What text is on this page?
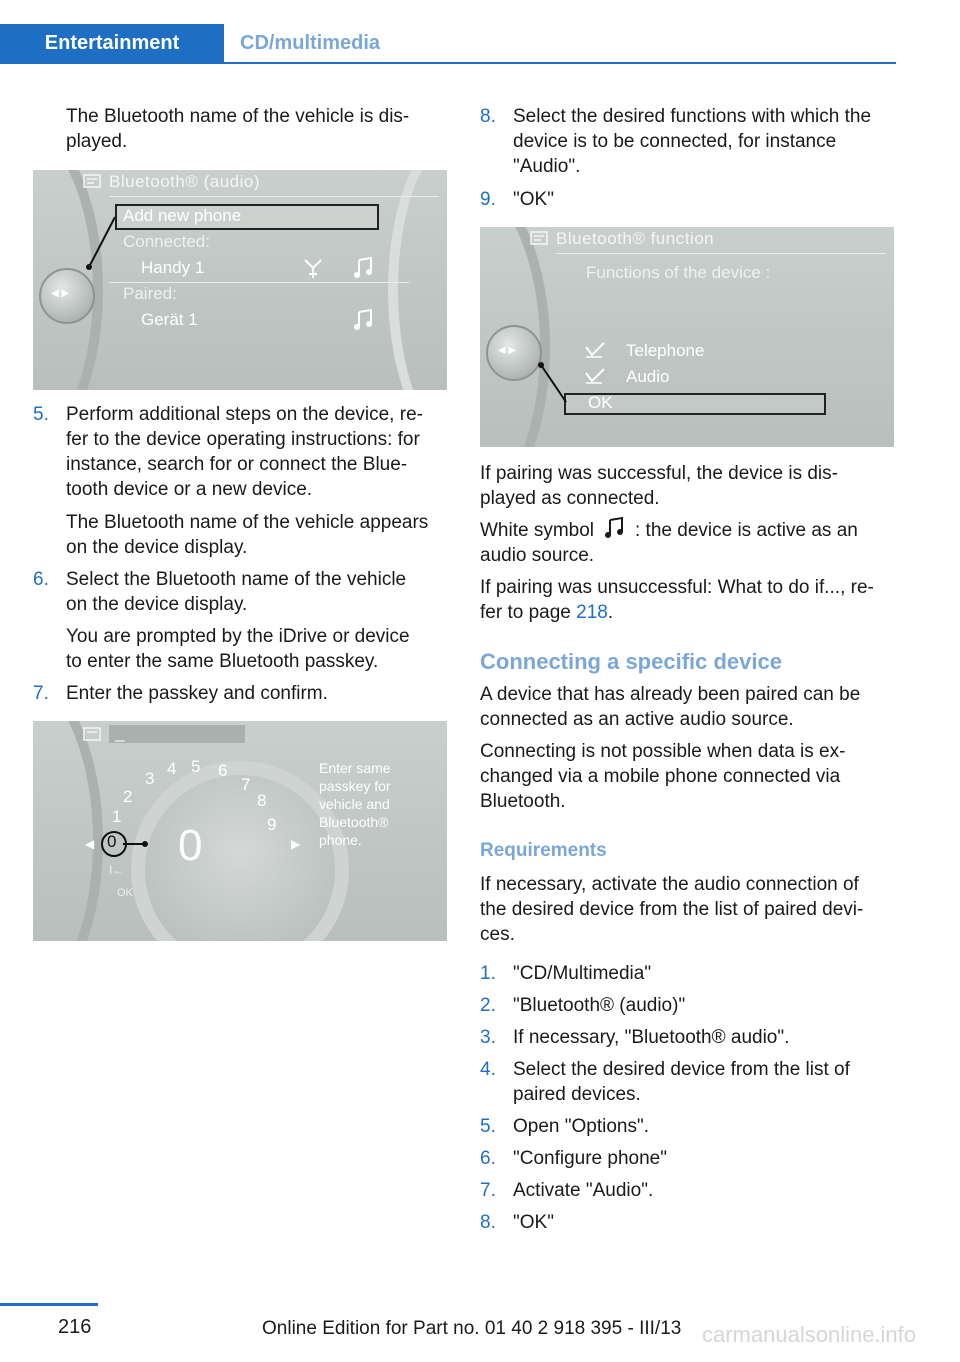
Entertainment	CD/multimedia
The Bluetooth name of the vehicle is dis-
played.
Bluetooth® (audio)
Add new phone
Connected:
Handy 1
Paired:
Gerät 1
◀ ▶
5. Perform additional steps on the device, re-
fer to the device operating instructions: for
instance, search for or connect the Blue-
tooth device or a new device.
The Bluetooth name of the vehicle appears
on the device display.
6. Select the Bluetooth name of the vehicle
on the device display.
You are prompted by the iDrive or device
to enter the same Bluetooth passkey.
7. Enter the passkey and confirm.
_
0
1
2
3
4 5 6
7
8
9
0
◀	▶
I←
OK
Enter same
passkey for
vehicle and
Bluetooth®
phone.
8. Select the desired functions with which the
device is to be connected, for instance
"Audio".
9. "OK"
Bluetooth® function
Functions of the device :
Telephone
Audio
OK
◀ ▶
If pairing was successful, the device is dis-
played as connected.
White symbol : the device is active as an
audio source.
If pairing was unsuccessful: What to do if..., re-
fer to page 218.
Connecting a specific device
A device that has already been paired can be
connected as an active audio source.
Connecting is not possible when data is ex-
changed via a mobile phone connected via
Bluetooth.
Requirements
If necessary, activate the audio connection of
the desired device from the list of paired devi-
ces.
1. "CD/Multimedia"
2. "Bluetooth® (audio)"
3. If necessary, "Bluetooth® audio".
4. Select the desired device from the list of
paired devices.
5. Open "Options".
6. "Configure phone"
7. Activate "Audio".
8. "OK"
216	Online Edition for Part no. 01 40 2 918 395 - III/13 carmanualsonline.info
